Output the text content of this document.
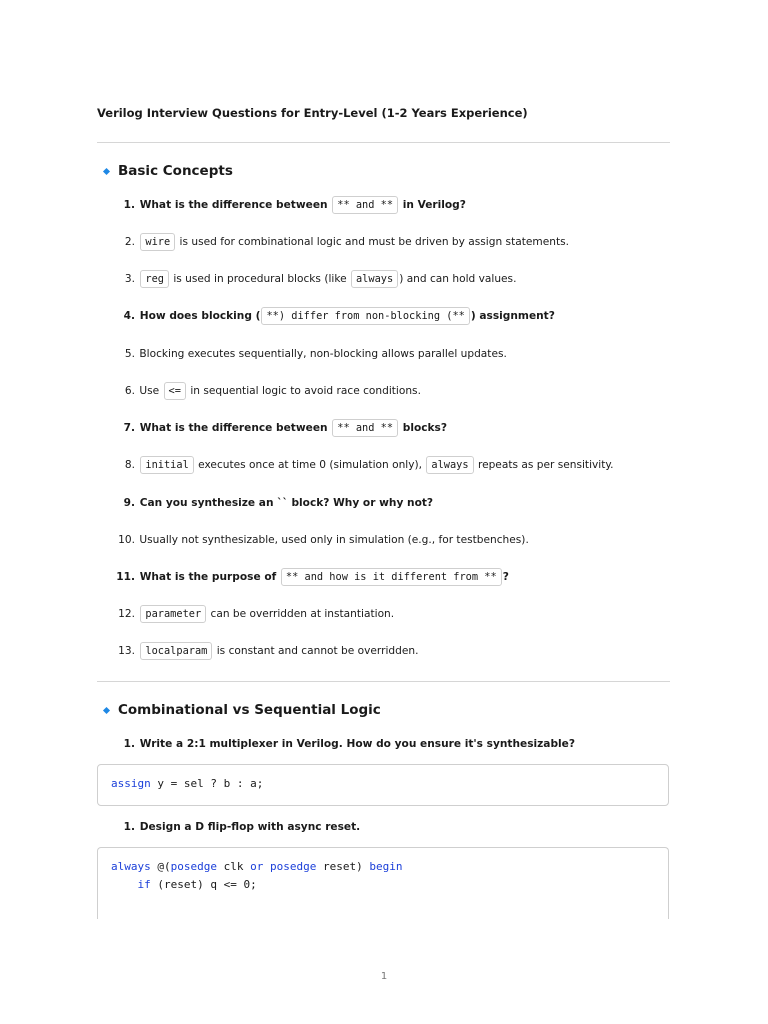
Verilog Interview Questions for Entry-Level (1-2 Years Experience)
Basic Concepts
1. What is the difference between ** and ** in Verilog?
2. wire is used for combinational logic and must be driven by assign statements.
3. reg is used in procedural blocks (like always ) and can hold values.
4. How does blocking ( **) differ from non-blocking (** ) assignment?
5. Blocking executes sequentially, non-blocking allows parallel updates.
6. Use <= in sequential logic to avoid race conditions.
7. What is the difference between ** and ** blocks?
8. initial executes once at time 0 (simulation only), always repeats as per sensitivity.
9. Can you synthesize an `` block? Why or why not?
10. Usually not synthesizable, used only in simulation (e.g., for testbenches).
11. What is the purpose of ** and how is it different from ** ?
12. parameter can be overridden at instantiation.
13. localparam is constant and cannot be overridden.
Combinational vs Sequential Logic
1. Write a 2:1 multiplexer in Verilog. How do you ensure it's synthesizable?
assign y = sel ? b : a;
1. Design a D flip-flop with async reset.
always @(posedge clk or posedge reset) begin
if (reset) q <= 0;
1
